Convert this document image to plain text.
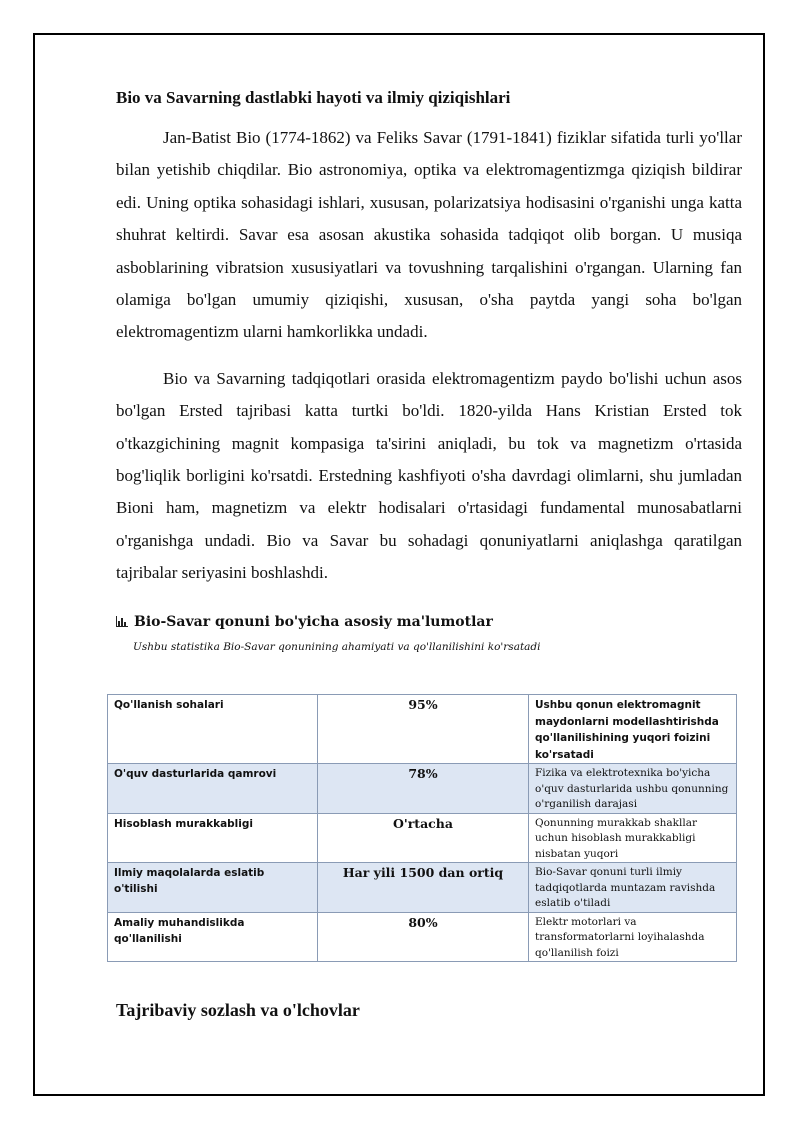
Bio va Savarning dastlabki hayoti va ilmiy qiziqishlari

Jan-Batist Bio (1774-1862) va Feliks Savar (1791-1841) fiziklar sifatida turli yo'llar bilan yetishib chiqdilar. Bio astronomiya, optika va elektromagentizmga qiziqish bildirar edi. Uning optika sohasidagi ishlari, xususan, polarizatsiya hodisasini o'rganishi unga katta shuhrat keltirdi. Savar esa asosan akustika sohasida tadqiqot olib borgan. U musiqa asboblarining vibratsion xususiyatlari va tovushning tarqalishini o'rgangan. Ularning fan olamiga bo'lgan umumiy qiziqishi, xususan, o'sha paytda yangi soha bo'lgan elektromagentizm ularni hamkorlikka undadi.

Bio va Savarning tadqiqotlari orasida elektromagentizm paydo bo'lishi uchun asos bo'lgan Ersted tajribasi katta turtki bo'ldi. 1820-yilda Hans Kristian Ersted tok o'tkazgichining magnit kompasiga ta'sirini aniqladi, bu tok va magnetizm o'rtasida bog'liqlik borligini ko'rsatdi. Erstedning kashfiyoti o'sha davrdagi olimlarni, shu jumladan Bioni ham, magnetizm va elektr hodisalari o'rtasidagi fundamental munosabatlarni o'rganishga undadi. Bio va Savar bu sohadagi qonuniyatlarni aniqlashga qaratilgan tajribalar seriyasini boshlashdi.

Bio-Savar qonuni bo'yicha asosiy ma'lumotlar
Ushbu statistika Bio-Savar qonunining ahamiyati va qo'llanilishini ko'rsatadi
Qo'llanish sohalari	95%	Ushbu qonun elektromagnit maydonlarni modellashtirishda qo'llanilishining yuqori foizini ko'rsatadi
O'quv dasturlarida qamrovi	78%	Fizika va elektrotexnika bo'yicha o'quv dasturlarida ushbu qonunning o'rganilish darajasi
Hisoblash murakkabligi	O'rtacha	Qonunning murakkab shakllar uchun hisoblash murakkabligi nisbatan yuqori
Ilmiy maqolalarda eslatib o'tilishi	Har yili 1500 dan ortiq	Bio-Savar qonuni turli ilmiy tadqiqotlarda muntazam ravishda eslatib o'tiladi
Amaliy muhandislikda qo'llanilishi	80%	Elektr motorlari va transformatorlarni loyihalashda qo'llanilish foizi
Tajribaviy sozlash va o'lchovlar
